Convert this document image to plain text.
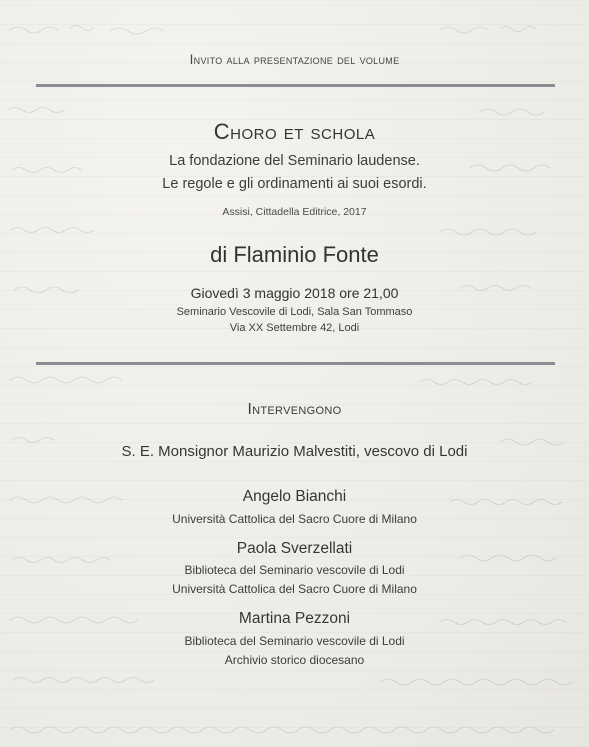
Invito alla presentazione del volume
Choro et schola
La fondazione del Seminario laudense.
Le regole e gli ordinamenti ai suoi esordi.
Assisi, Cittadella Editrice, 2017
di Flaminio Fonte
Giovedì 3 maggio 2018 ore 21,00
Seminario Vescovile di Lodi, Sala San Tommaso
Via XX Settembre 42, Lodi
Intervengono
S. E. Monsignor Maurizio Malvestiti, vescovo di Lodi
Angelo Bianchi
Università Cattolica del Sacro Cuore di Milano
Paola Sverzellati
Biblioteca del Seminario vescovile di Lodi
Università Cattolica del Sacro Cuore di Milano
Martina Pezzoni
Biblioteca del Seminario vescovile di Lodi
Archivio storico diocesano
